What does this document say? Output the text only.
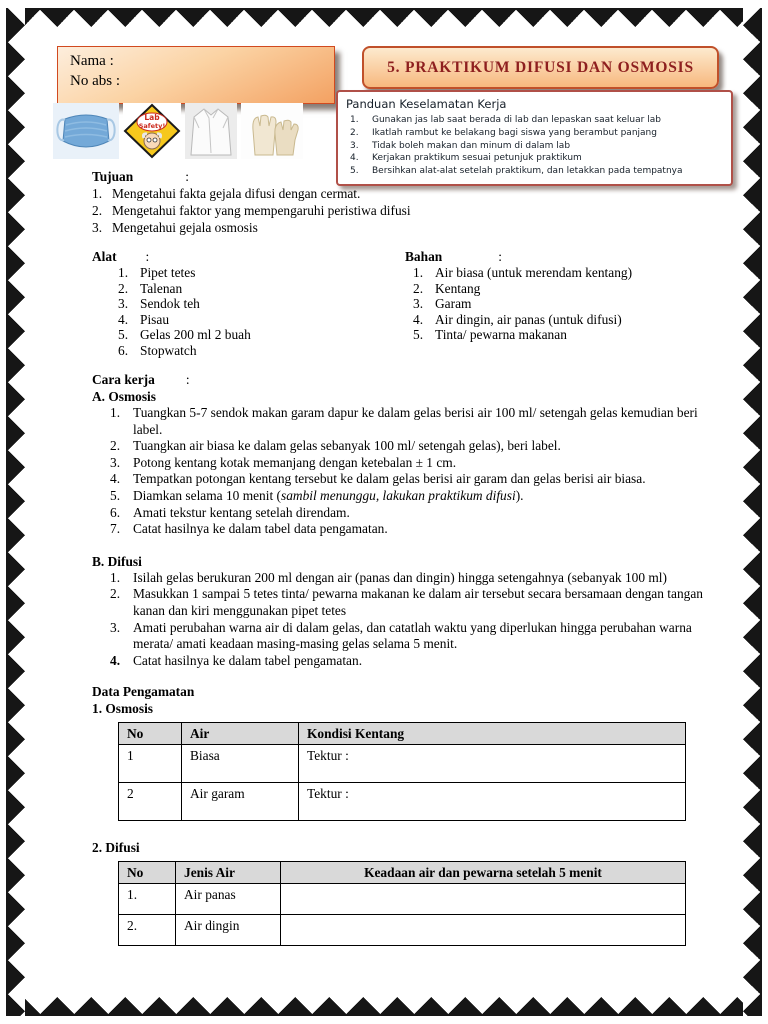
Nama :
No abs :
5. PRAKTIKUM DIFUSI DAN OSMOSIS
Panduan Keselamatan Kerja
1.	Gunakan jas lab saat berada di lab dan lepaskan saat keluar lab
2.	Ikatlah rambut ke belakang bagi siswa yang berambut panjang
3.	Tidak boleh makan dan minum di dalam lab
4.	Kerjakan praktikum sesuai petunjuk praktikum
5.	Bersihkan alat-alat setelah praktikum, dan letakkan pada tempatnya
Lab
Safety!
Tujuan	:
1. Mengetahui fakta gejala difusi dengan cermat.
2. Mengetahui faktor yang mempengaruhi peristiwa difusi
3. Mengetahui gejala osmosis
Alat :
1. Pipet tetes
2. Talenan
3. Sendok teh
4. Pisau
5. Gelas 200 ml 2 buah
6. Stopwatch
Bahan	:
1. Air biasa (untuk merendam kentang)
2. Kentang
3. Garam
4. Air dingin, air panas (untuk difusi)
5. Tinta/ pewarna makanan
Cara kerja :
A. Osmosis
1. Tuangkan 5-7 sendok makan garam dapur ke dalam gelas berisi air 100 ml/ setengah gelas kemudian beri label.
2. Tuangkan air biasa ke dalam gelas sebanyak 100 ml/ setengah gelas), beri label.
3. Potong kentang kotak memanjang dengan ketebalan ± 1 cm.
4. Tempatkan potongan kentang tersebut ke dalam gelas berisi air garam dan gelas berisi air biasa.
5. Diamkan selama 10 menit (sambil menunggu, lakukan praktikum difusi).
6. Amati tekstur kentang setelah direndam.
7. Catat hasilnya ke dalam tabel data pengamatan.
B. Difusi
1. Isilah gelas berukuran 200 ml dengan air (panas dan dingin) hingga setengahnya (sebanyak 100 ml)
2. Masukkan 1 sampai 5 tetes tinta/ pewarna makanan ke dalam air tersebut secara bersamaan dengan tangan kanan dan kiri menggunakan pipet tetes
3. Amati perubahan warna air di dalam gelas, dan catatlah waktu yang diperlukan hingga perubahan warna merata/ amati keadaan masing-masing gelas selama 5 menit.
4. Catat hasilnya ke dalam tabel pengamatan.
Data Pengamatan
1. Osmosis
No	Air	Kondisi Kentang
1	Biasa	Tektur :
2	Air garam	Tektur :
2. Difusi
No	Jenis Air	Keadaan air dan pewarna setelah 5 menit
1.	Air panas	
2.	Air dingin	
